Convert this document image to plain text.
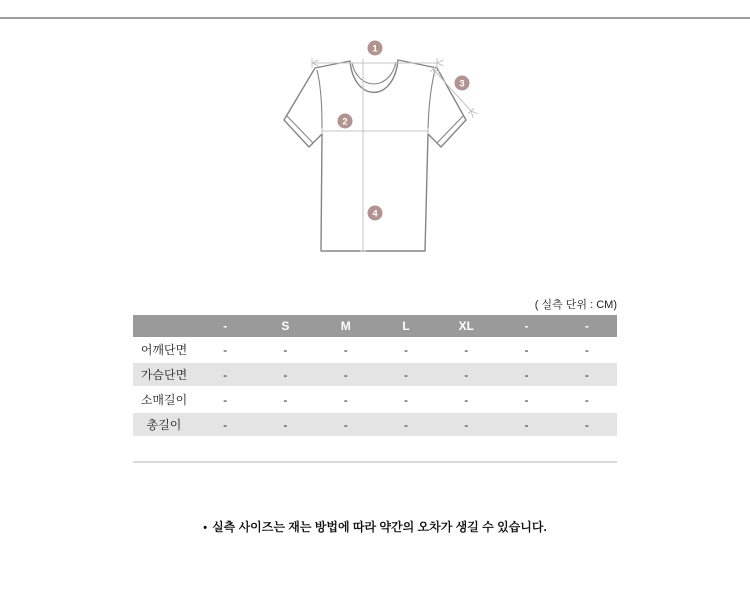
1
2
3
4
( 실측 단위 : CM)
	-	S	M	L	XL	-	-
어깨단면	-	-	-	-	-	-	-
가슴단면	-	-	-	-	-	-	-
소매길이	-	-	-	-	-	-	-
총길이	-	-	-	-	-	-	-
• 실측 사이즈는 재는 방법에 따라 약간의 오차가 생길 수 있습니다.
